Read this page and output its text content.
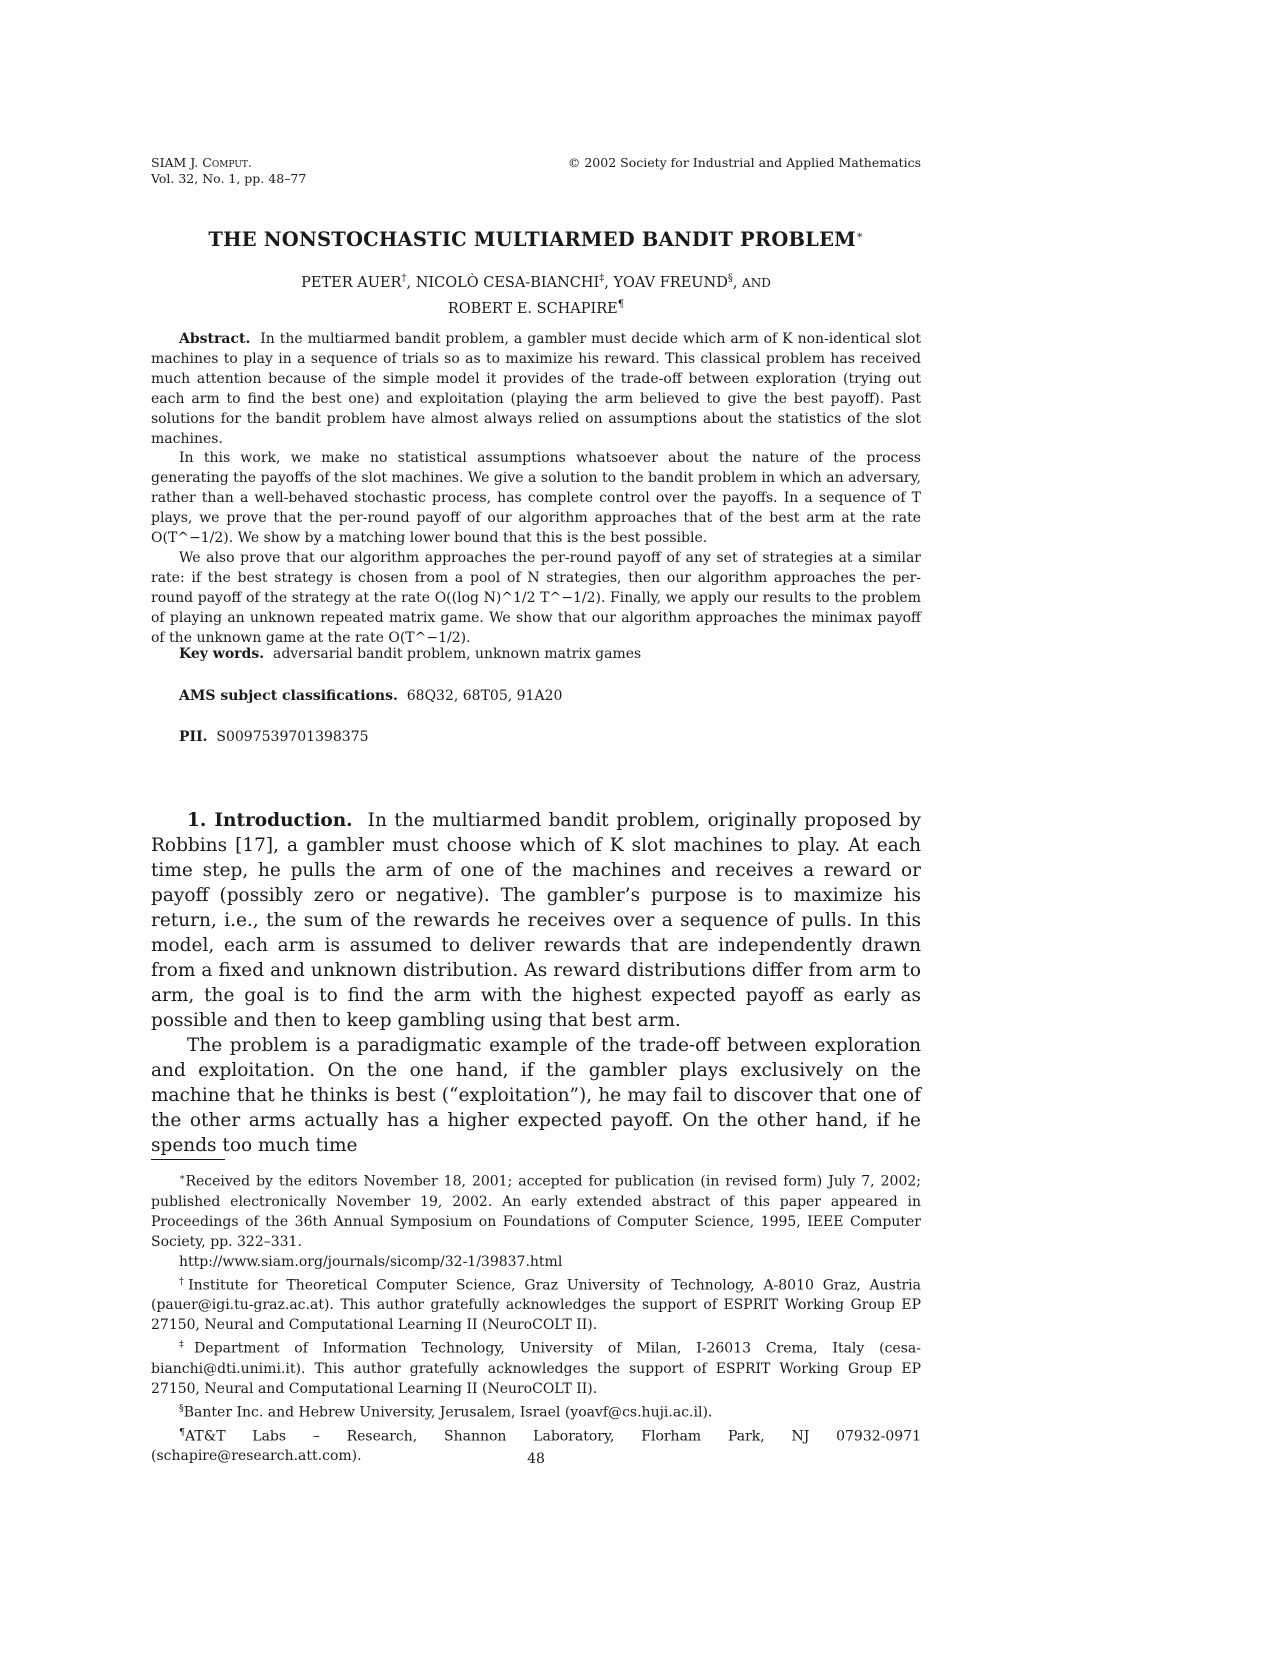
SIAM J. Comput.
Vol. 32, No. 1, pp. 48–77
© 2002 Society for Industrial and Applied Mathematics
THE NONSTOCHASTIC MULTIARMED BANDIT PROBLEM∗
PETER AUER†, NICOLÒ CESA-BIANCHI‡, YOAV FREUND§, AND
ROBERT E. SCHAPIRE¶

Abstract. In the multiarmed bandit problem, a gambler must decide which arm of K non-identical slot machines to play in a sequence of trials so as to maximize his reward. This classical problem has received much attention because of the simple model it provides of the trade-off between exploration (trying out each arm to find the best one) and exploitation (playing the arm believed to give the best payoff). Past solutions for the bandit problem have almost always relied on assumptions about the statistics of the slot machines.

In this work, we make no statistical assumptions whatsoever about the nature of the process generating the payoffs of the slot machines. We give a solution to the bandit problem in which an adversary, rather than a well-behaved stochastic process, has complete control over the payoffs. In a sequence of T plays, we prove that the per-round payoff of our algorithm approaches that of the best arm at the rate O(T^−1/2). We show by a matching lower bound that this is the best possible.

We also prove that our algorithm approaches the per-round payoff of any set of strategies at a similar rate: if the best strategy is chosen from a pool of N strategies, then our algorithm approaches the per-round payoff of the strategy at the rate O((log N)^1/2 T^−1/2). Finally, we apply our results to the problem of playing an unknown repeated matrix game. We show that our algorithm approaches the minimax payoff of the unknown game at the rate O(T^−1/2).

Key words. adversarial bandit problem, unknown matrix games
AMS subject classifications. 68Q32, 68T05, 91A20
PII. S0097539701398375

1. Introduction. In the multiarmed bandit problem, originally proposed by Robbins [17], a gambler must choose which of K slot machines to play. At each time step, he pulls the arm of one of the machines and receives a reward or payoff (possibly zero or negative). The gambler’s purpose is to maximize his return, i.e., the sum of the rewards he receives over a sequence of pulls. In this model, each arm is assumed to deliver rewards that are independently drawn from a fixed and unknown distribution. As reward distributions differ from arm to arm, the goal is to find the arm with the highest expected payoff as early as possible and then to keep gambling using that best arm.

The problem is a paradigmatic example of the trade-off between exploration and exploitation. On the one hand, if the gambler plays exclusively on the machine that he thinks is best (“exploitation”), he may fail to discover that one of the other arms actually has a higher expected payoff. On the other hand, if he spends too much time

∗Received by the editors November 18, 2001; accepted for publication (in revised form) July 7, 2002; published electronically November 19, 2002. An early extended abstract of this paper appeared in Proceedings of the 36th Annual Symposium on Foundations of Computer Science, 1995, IEEE Computer Society, pp. 322–331.

http://www.siam.org/journals/sicomp/32-1/39837.html

†Institute for Theoretical Computer Science, Graz University of Technology, A-8010 Graz, Austria (pauer@igi.tu-graz.ac.at). This author gratefully acknowledges the support of ESPRIT Working Group EP 27150, Neural and Computational Learning II (NeuroCOLT II).

‡Department of Information Technology, University of Milan, I-26013 Crema, Italy (cesa-bianchi@dti.unimi.it). This author gratefully acknowledges the support of ESPRIT Working Group EP 27150, Neural and Computational Learning II (NeuroCOLT II).

§Banter Inc. and Hebrew University, Jerusalem, Israel (yoavf@cs.huji.ac.il).

¶AT&T Labs – Research, Shannon Laboratory, Florham Park, NJ 07932-0971 (schapire@research.att.com).	48
